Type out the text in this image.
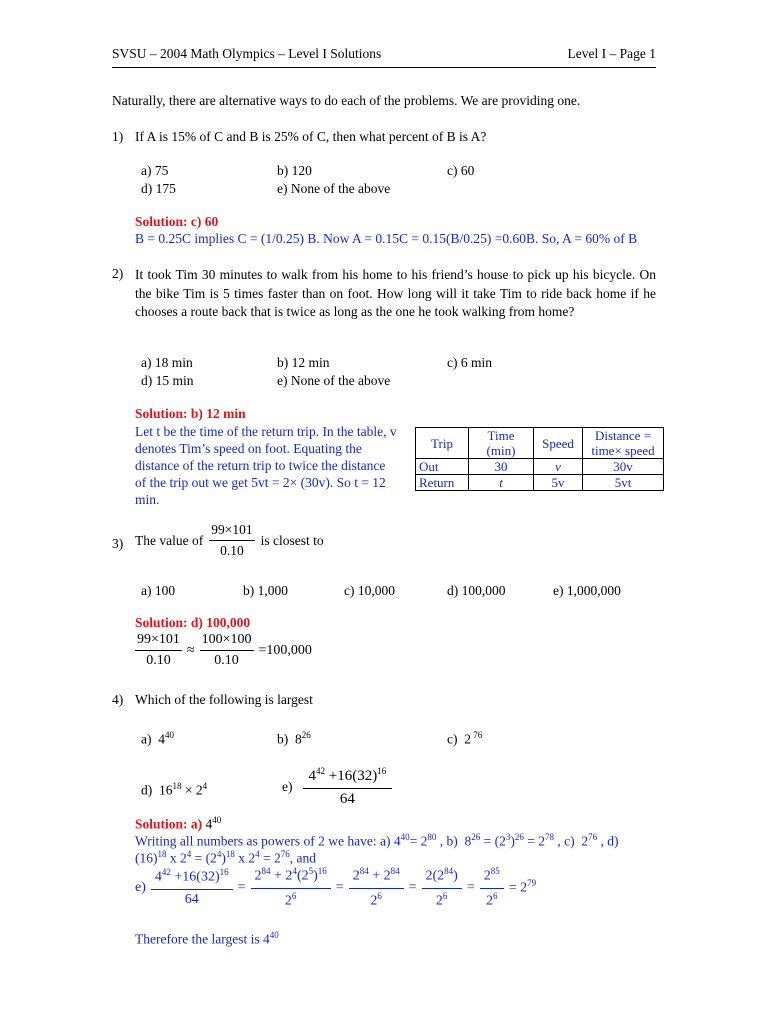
SVSU – 2004 Math Olympics – Level I Solutions	Level I – Page 1
Naturally, there are alternative ways to do each of the problems. We are providing one.
1) If A is 15% of C and B is 25% of C, then what percent of B is A?
a) 75	b) 120	c) 60
d) 175	e) None of the above
Solution: c) 60
B = 0.25C implies C = (1/0.25) B. Now A = 0.15C = 0.15(B/0.25) =0.60B. So, A = 60% of B
2) It took Tim 30 minutes to walk from his home to his friend’s house to pick up his bicycle. On the bike Tim is 5 times faster than on foot. How long will it take Tim to ride back home if he chooses a route back that is twice as long as the one he took walking from home?
a) 18 min	b) 12 min	c) 6 min
d) 15 min	e) None of the above
Solution: b) 12 min
Let t be the time of the return trip. In the table, v denotes Tim’s speed on foot. Equating the distance of the return trip to twice the distance of the trip out we get 5vt = 2× (30v). So t = 12 min.
Trip	Time (min)	Speed	Distance = time× speed
Out	30	v	30v
Return	t	5v	5vt
3) The value of $\frac{99\times 101}{0.10}$ is closest to
a) 100	b) 1,000	c) 10,000	d) 100,000	e) 1,000,000
Solution: d) 100,000
$\frac{99\times 101}{0.10} \approx \frac{100\times 100}{0.10} =100,000$
4) Which of the following is largest
a)  $4^{40}$	b)  $8^{26}$	c)  2 $^{76}$
d)  $16^{18} \times 2^4$	$e) \frac{4^{42} +16(32)^{16}}{64}$
Solution: a) $4^{40}$
Writing all numbers as powers of 2 we have: a) $4^{40}= 2^{80}$ , b)  $8^{26} = (2^3)^{26} = 2^{78}$ , c)  $2^{76}$ , d)
$(16)^{18}$ x $2^4 = (2^4)^{18}$ x $2^4 = 2^{76}$, and
$e) \frac{4^{42} +16(32)^{16}}{64} = \frac{2^{84} + 2^4(2^5)^{16}}{2^6} = \frac{2^{84} + 2^{84}}{2^6} = \frac{2(2^{84})}{2^6} = \frac{2^{85}}{2^6} = 2^{79}$
Therefore the largest is $4^{40}$
